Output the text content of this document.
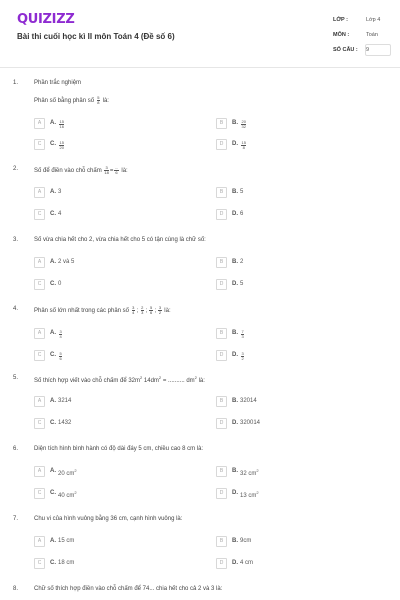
QUIZIZZ
Bài thi cuối học kì II môn Toán 4 (Đề số 6)
LỚP :	Lớp 4
MÔN :	Toán
SỐ CÂU : 9
1.	Phần trắc nghiệm
Phân số bằng phân số $\frac{5}{8}$ là:
A	A. $\frac{15}{16}$	B	B. $\frac{20}{32}$
C	C. $\frac{15}{20}$	D	D. $\frac{15}{8}$
2.	Số để điền vào chỗ chấm $\frac{3}{18} = \frac{...}{6}$ là:
A	A. 3	B	B. 5
C	C. 4	D	D. 6
3.	Số vừa chia hết cho 2, vừa chia hết cho 5 có tận cùng là chữ số:
A	A. 2 và 5	B	B. 2
C	C. 0	D	D. 5
4.	Phân số lớn nhất trong các phân số $\frac{3}{4}$ ; $\frac{2}{3}$ ; $\frac{5}{6}$ ; $\frac{3}{2}$ là:
A	A. $\frac{3}{4}$	B	B. $\frac{7}{3}$
C	C. $\frac{5}{6}$	D	D. $\frac{3}{2}$
5.	Số thích hợp viết vào chỗ chấm để $32m^2$ $14dm^2$ = .......... $dm^2$ là:
A	A. 3214	B	B. 32014
C	C. 1432	D	D. 320014
6.	Diện tích hình bình hành có độ dài đáy 5 cm, chiều cao 8 cm là:
A	A. 20 $cm^2$	B	B. 32 $cm^2$
C	C. 40 $cm^2$	D	D. 13 $cm^2$
7.	Chu vi của hình vuông bằng 36 cm, cạnh hình vuông là:
A	A. 15 cm	B	B. 9cm
C	C. 18 cm	D	D. 4 cm
8.	Chữ số thích hợp điền vào chỗ chấm để 74... chia hết cho cả 2 và 3 là:
